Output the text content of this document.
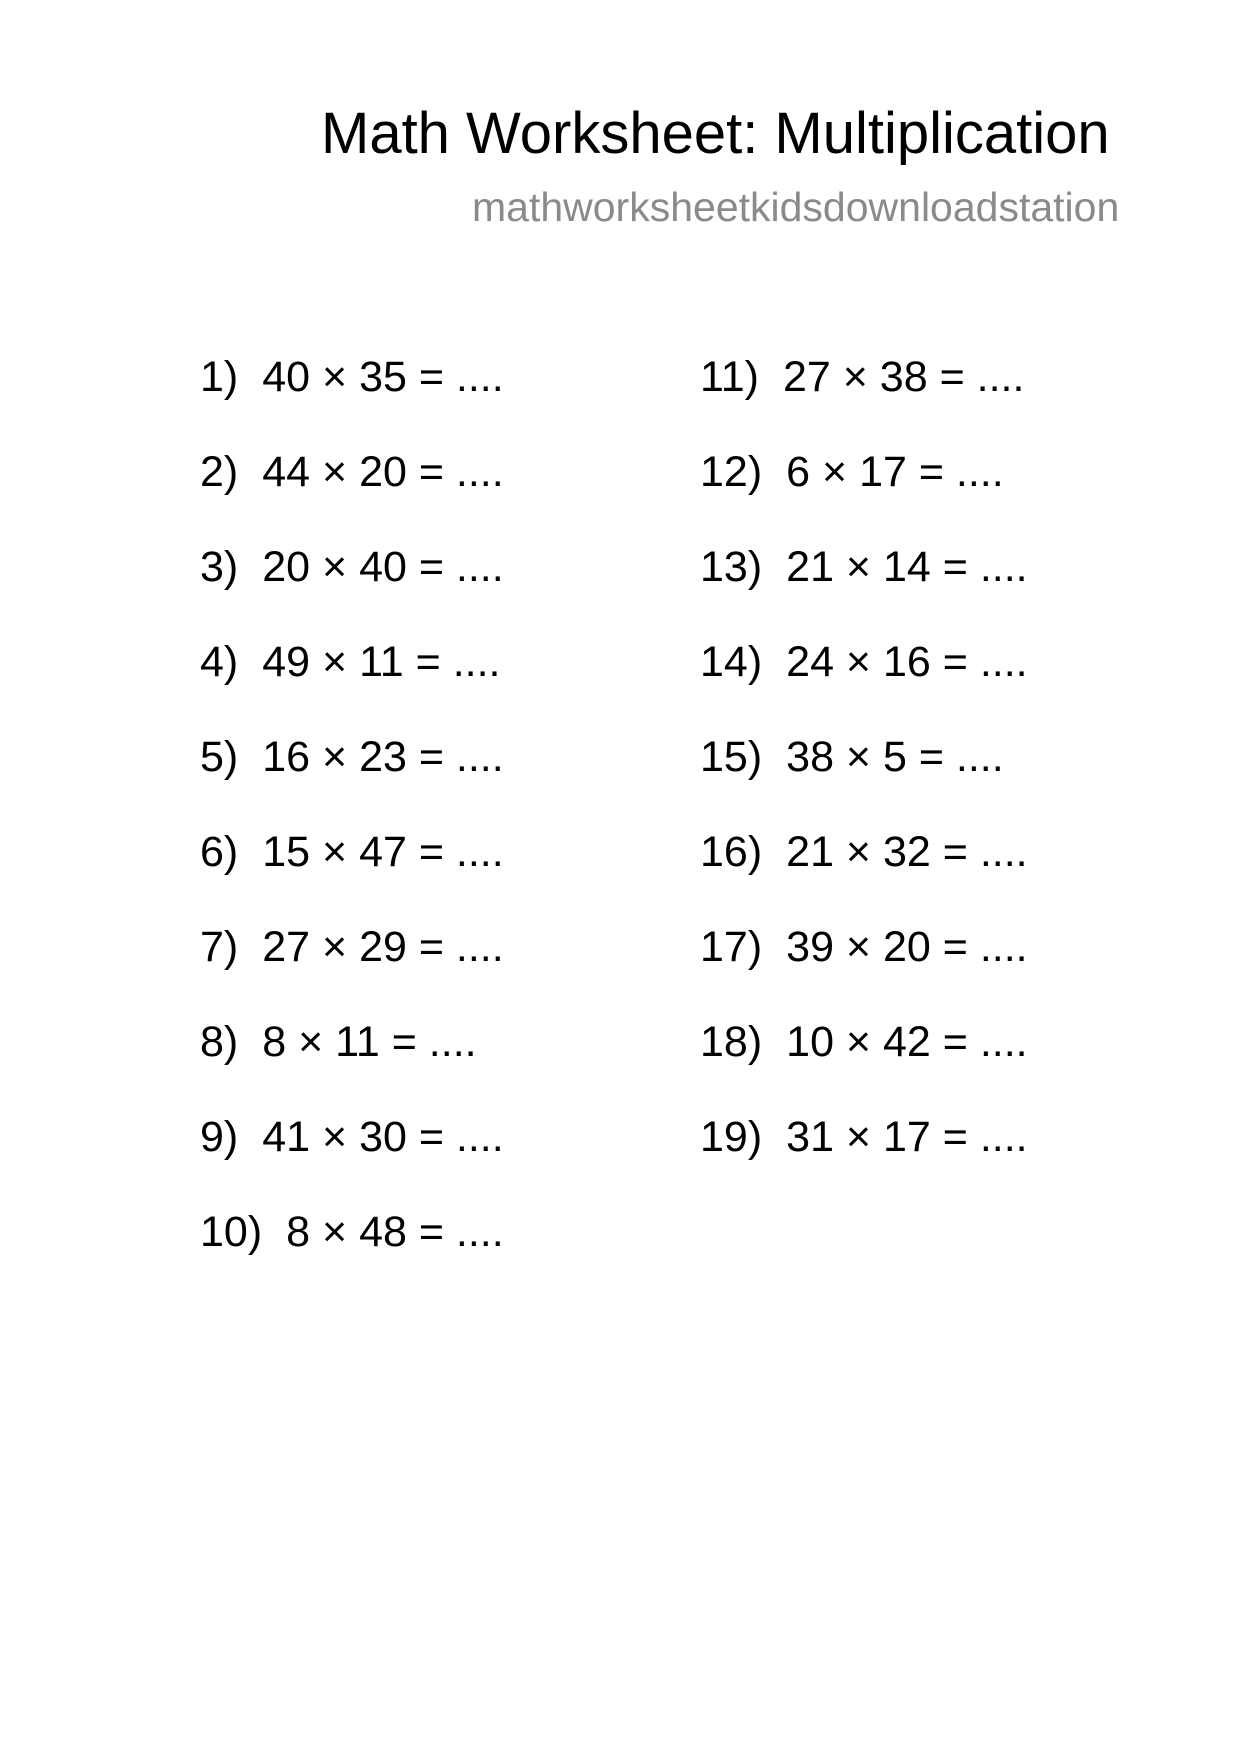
Math Worksheet: Multiplication
mathworksheetkidsdownloadstation
1) 40 × 35 = ....
2) 44 × 20 = ....
3) 20 × 40 = ....
4) 49 × 11 = ....
5) 16 × 23 = ....
6) 15 × 47 = ....
7) 27 × 29 = ....
8) 8 × 11 = ....
9) 41 × 30 = ....
10) 8 × 48 = ....
11) 27 × 38 = ....
12) 6 × 17 = ....
13) 21 × 14 = ....
14) 24 × 16 = ....
15) 38 × 5 = ....
16) 21 × 32 = ....
17) 39 × 20 = ....
18) 10 × 42 = ....
19) 31 × 17 = ....
